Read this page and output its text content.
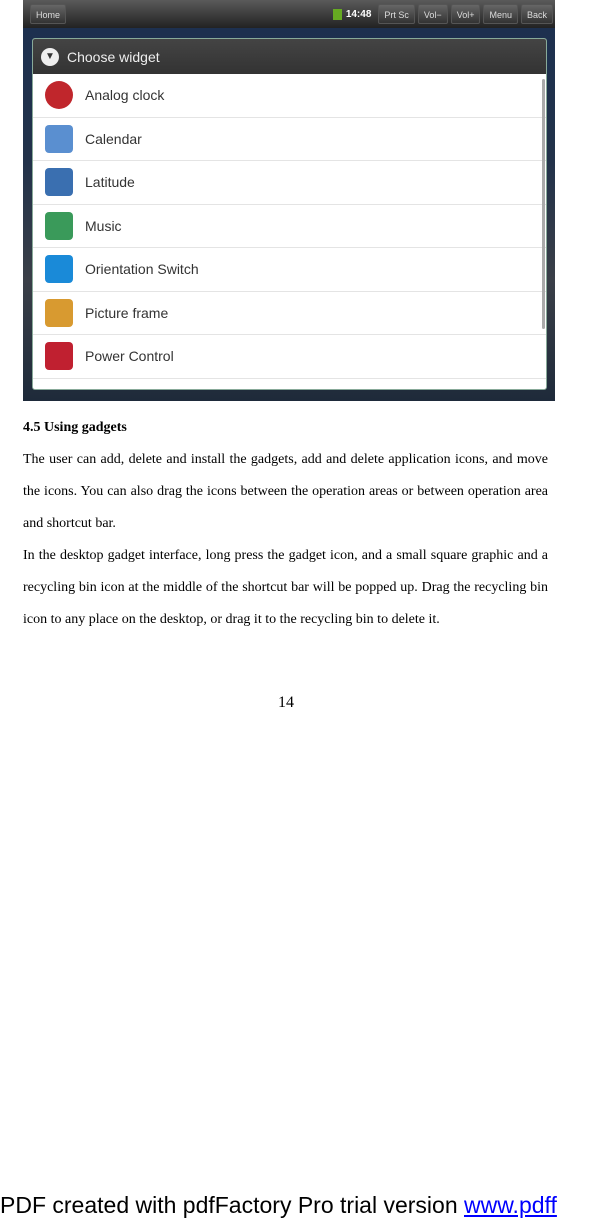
Home	14:48	Prt Sc	Vol−	Vol+	Menu	Back
▼ Choose widget
Analog clock
Calendar
Latitude
Music
Orientation Switch
Picture frame
Power Control
4.5 Using gadgets
The user can add, delete and install the gadgets, add and delete application icons, and move the icons. You can also drag the icons between the operation areas or between operation area and shortcut bar.
In the desktop gadget interface, long press the gadget icon, and a small square graphic and a recycling bin icon at the middle of the shortcut bar will be popped up. Drag the recycling bin icon to any place on the desktop, or drag it to the recycling bin to delete it.
14
PDF created with pdfFactory Pro trial version www.pdff
